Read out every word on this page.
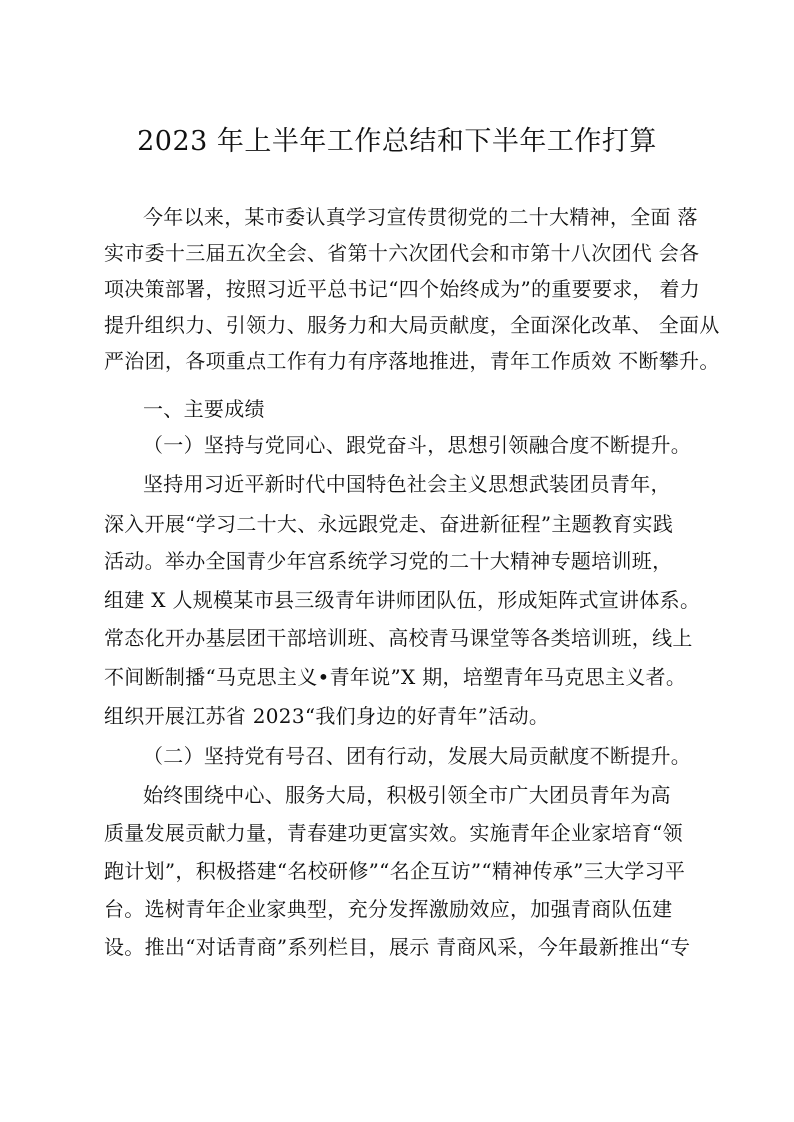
2023 年上半年工作总结和下半年工作打算

今年以来，某市委认真学习宣传贯彻党的二十大精神，全面 落

实市委十三届五次全会、省第十六次团代会和市第十八次团代 会各

项决策部署，按照习近平总书记“四个始终成为”的重要要求， 着力

提升组织力、引领力、服务力和大局贡献度，全面深化改革、 全面从

严治团，各项重点工作有力有序落地推进，青年工作质效 不断攀升。

一、主要成绩

（一）坚持与党同心、跟党奋斗，思想引领融合度不断提升。

坚持用习近平新时代中国特色社会主义思想武装团员青年，

深入开展“学习二十大、永远跟党走、奋进新征程”主题教育实践

活动。举办全国青少年宫系统学习党的二十大精神专题培训班，

组建 X 人规模某市县三级青年讲师团队伍，形成矩阵式宣讲体系。

常态化开办基层团干部培训班、高校青马课堂等各类培训班，线上

不间断制播“马克思主义•青年说”X 期，培塑青年马克思主义者。

组织开展江苏省 2023“我们身边的好青年”活动。

（二）坚持党有号召、团有行动，发展大局贡献度不断提升。

始终围绕中心、服务大局，积极引领全市广大团员青年为高

质量发展贡献力量，青春建功更富实效。实施青年企业家培育“领

跑计划”，积极搭建“名校研修”“名企互访”“精神传承”三大学习平

台。选树青年企业家典型，充分发挥激励效应，加强青商队伍建

设。推出“对话青商”系列栏目，展示 青商风采，今年最新推出“专
